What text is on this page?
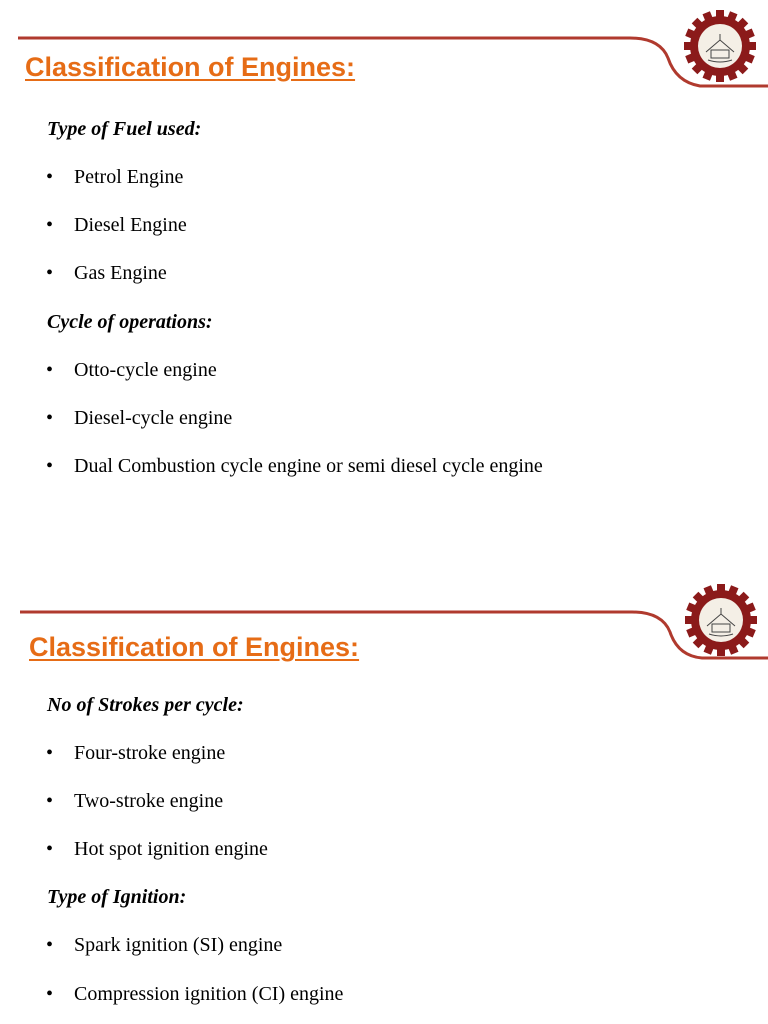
Classification of Engines:

Type of Fuel used:

• Petrol Engine
• Diesel Engine
• Gas Engine

Cycle of operations:

• Otto-cycle engine
• Diesel-cycle engine
• Dual Combustion cycle engine or semi diesel cycle engine
Classification of Engines:

No of Strokes per cycle:

• Four-stroke engine
• Two-stroke engine
• Hot spot ignition engine

Type of Ignition:

• Spark ignition (SI) engine
• Compression ignition (CI) engine
